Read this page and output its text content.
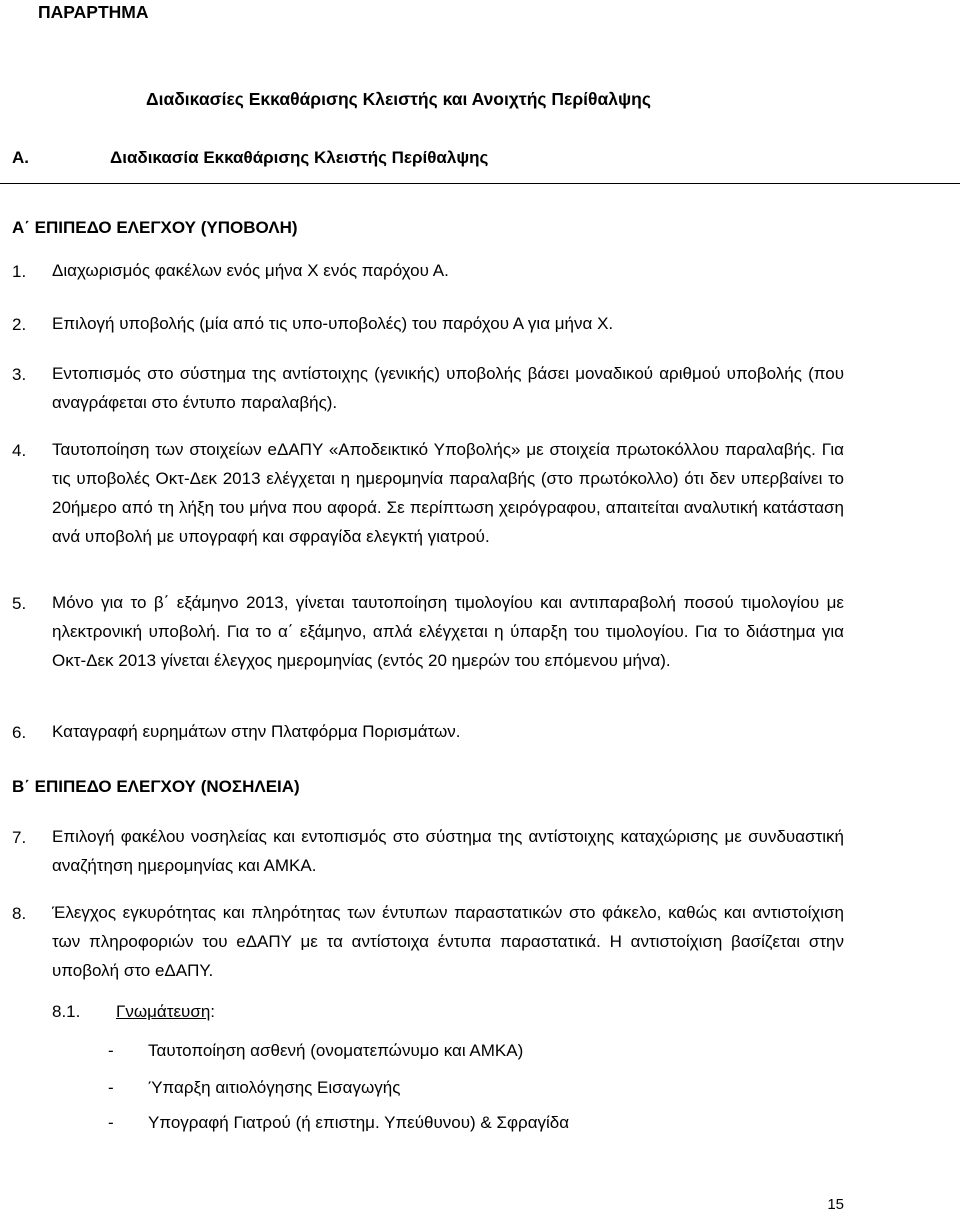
ΠΑΡΑΡΤΗΜΑ
Διαδικασίες Εκκαθάρισης Κλειστής και Ανοιχτής Περίθαλψης
Α.	Διαδικασία Εκκαθάρισης Κλειστής Περίθαλψης
Α΄ ΕΠΙΠΕΔΟ ΕΛΕΓΧΟΥ (ΥΠΟΒΟΛΗ)
1. Διαχωρισμός φακέλων ενός μήνα Χ ενός παρόχου Α.
2. Επιλογή υποβολής (μία από τις υπο-υποβολές) του παρόχου Α για μήνα Χ.
3. Εντοπισμός στο σύστημα της αντίστοιχης (γενικής) υποβολής βάσει μοναδικού αριθμού υποβολής (που αναγράφεται στο έντυπο παραλαβής).
4. Ταυτοποίηση των στοιχείων eΔΑΠΥ «Αποδεικτικό Υποβολής» με στοιχεία πρωτοκόλλου παραλαβής. Για τις υποβολές Οκτ-Δεκ 2013 ελέγχεται η ημερομηνία παραλαβής (στο πρωτόκολλο) ότι δεν υπερβαίνει το 20ήμερο από τη λήξη του μήνα που αφορά. Σε περίπτωση χειρόγραφου, απαιτείται αναλυτική κατάσταση ανά υποβολή με υπογραφή και σφραγίδα ελεγκτή γιατρού.
5. Μόνο για το β΄ εξάμηνο 2013, γίνεται ταυτοποίηση τιμολογίου και αντιπαραβολή ποσού τιμολογίου με ηλεκτρονική υποβολή. Για το α΄ εξάμηνο, απλά ελέγχεται η ύπαρξη του τιμολογίου. Για το διάστημα για Οκτ-Δεκ 2013 γίνεται έλεγχος ημερομηνίας (εντός 20 ημερών του επόμενου μήνα).
6. Καταγραφή ευρημάτων στην Πλατφόρμα Πορισμάτων.
Β΄ ΕΠΙΠΕΔΟ ΕΛΕΓΧΟΥ (ΝΟΣΗΛΕΙΑ)
7. Επιλογή φακέλου νοσηλείας και εντοπισμός στο σύστημα της αντίστοιχης καταχώρισης με συνδυαστική αναζήτηση ημερομηνίας και ΑΜΚΑ.
8. Έλεγχος εγκυρότητας και πληρότητας των έντυπων παραστατικών στο φάκελο, καθώς και αντιστοίχιση των πληροφοριών του eΔΑΠΥ με τα αντίστοιχα έντυπα παραστατικά. Η αντιστοίχιση βασίζεται στην υποβολή στο eΔΑΠΥ.
8.1. Γνωμάτευση:
- Ταυτοποίηση ασθενή (ονοματεπώνυμο και ΑΜΚΑ)
- Ύπαρξη αιτιολόγησης Εισαγωγής
- Υπογραφή Γιατρού (ή επιστημ. Υπεύθυνου) & Σφραγίδα
15
